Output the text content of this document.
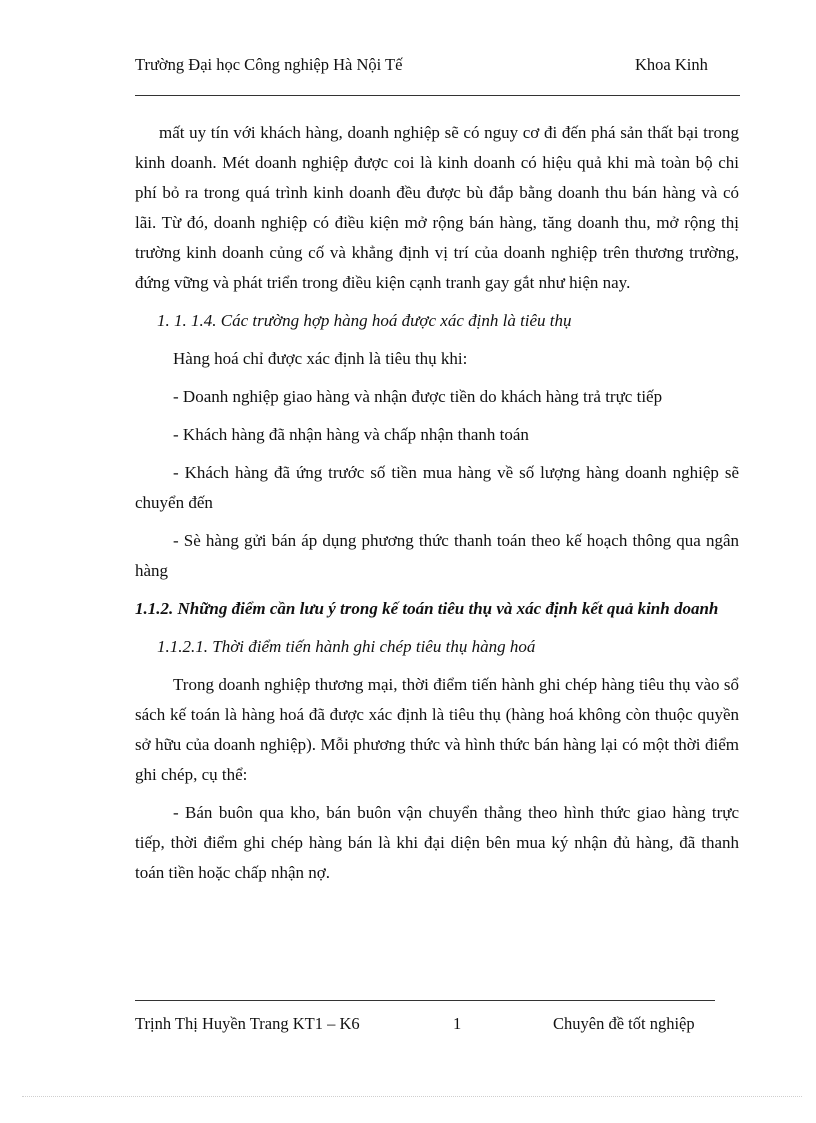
Trường Đại học Công nghiệp Hà Nội Tế	Khoa Kinh

mất uy tín với khách hàng, doanh nghiệp sẽ có nguy cơ đi đến phá sản thất bại trong kinh doanh. Mét doanh nghiệp được coi là kinh doanh có hiệu quả khi mà toàn bộ chi phí bỏ ra trong quá trình kinh doanh đều được bù đắp bằng doanh thu bán hàng và có lãi. Từ đó, doanh nghiệp có điều kiện mở rộng bán hàng, tăng doanh thu, mở rộng thị trường kinh doanh củng cố và khẳng định vị trí của doanh nghiệp trên thương trường, đứng vững và phát triển trong điều kiện cạnh tranh gay gắt như hiện nay.

1. 1. 1.4. Các trường hợp hàng hoá được xác định là tiêu thụ

Hàng hoá chỉ được xác định là tiêu thụ khi:

- Doanh nghiệp giao hàng và nhận được tiền do khách hàng trả trực tiếp

- Khách hàng đã nhận hàng và chấp nhận thanh toán

- Khách hàng đã ứng trước số tiền mua hàng về số lượng hàng doanh nghiệp sẽ chuyển đến

- Sè hàng gửi bán áp dụng phương thức thanh toán theo kế hoạch thông qua ngân hàng

1.1.2. Những điểm cần lưu ý trong kế toán tiêu thụ và xác định kết quả kinh doanh

1.1.2.1. Thời điểm tiến hành ghi chép tiêu thụ hàng hoá

Trong doanh nghiệp thương mại, thời điểm tiến hành ghi chép hàng tiêu thụ vào sổ sách kế toán là hàng hoá đã được xác định là tiêu thụ (hàng hoá không còn thuộc quyền sở hữu của doanh nghiệp). Mỗi phương thức và hình thức bán hàng lại có một thời điểm ghi chép, cụ thể:

- Bán buôn qua kho, bán buôn vận chuyển thẳng theo hình thức giao hàng trực tiếp, thời điểm ghi chép hàng bán là khi đại diện bên mua ký nhận đủ hàng, đã thanh toán tiền hoặc chấp nhận nợ.

Trịnh Thị Huyền Trang KT1 – K6	1	Chuyên đề tốt nghiệp
